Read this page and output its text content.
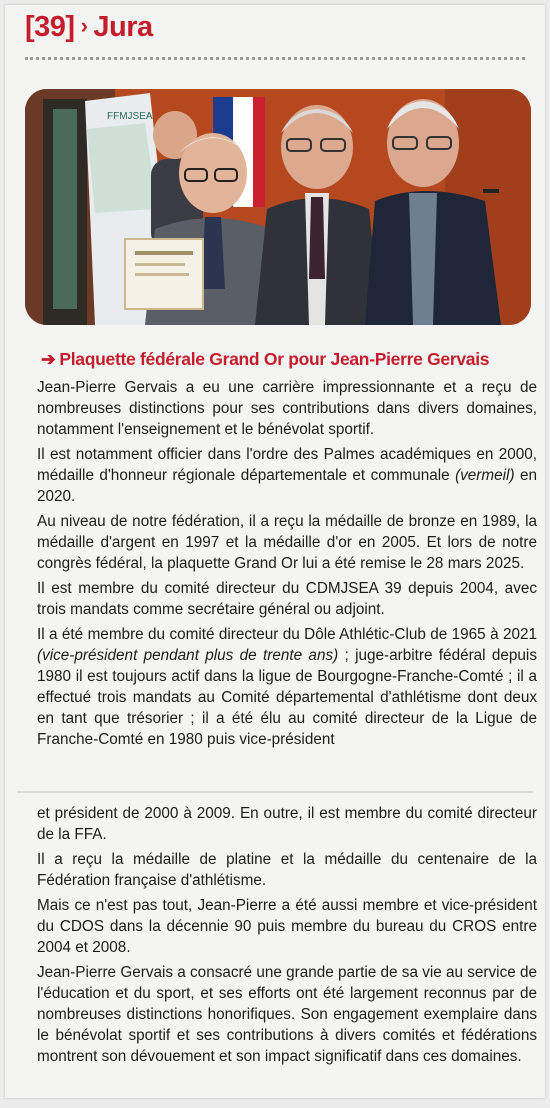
[39] › Jura
FFMJSEA
➔ Plaquette fédérale Grand Or pour Jean-Pierre Gervais

Jean-Pierre Gervais a eu une carrière impressionnante et a reçu de nombreuses distinctions pour ses contributions dans divers domaines, notamment l'enseignement et le bénévolat sportif.

Il est notamment officier dans l'ordre des Palmes académiques en 2000, médaille d'honneur régionale départementale et communale (vermeil) en 2020.

Au niveau de notre fédération, il a reçu la médaille de bronze en 1989, la médaille d'argent en 1997 et la médaille d'or en 2005. Et lors de notre congrès fédéral, la plaquette Grand Or lui a été remise le 28 mars 2025.

Il est membre du comité directeur du CDMJSEA 39 depuis 2004, avec trois mandats comme secrétaire général ou adjoint.

Il a été membre du comité directeur du Dôle Athlétic-Club de 1965 à 2021 (vice-président pendant plus de trente ans) ; juge-arbitre fédéral depuis 1980 il est toujours actif dans la ligue de Bourgogne-Franche-Comté ; il a effectué trois mandats au Comité départemental d'athlétisme dont deux en tant que trésorier ; il a été élu au comité directeur de la Ligue de Franche-Comté en 1980 puis vice-président

et président de 2000 à 2009. En outre, il est membre du comité directeur de la FFA.

Il a reçu la médaille de platine et la médaille du centenaire de la Fédération française d'athlétisme.

Mais ce n'est pas tout, Jean-Pierre a été aussi membre et vice-président du CDOS dans la décennie 90 puis membre du bureau du CROS entre 2004 et 2008.

Jean-Pierre Gervais a consacré une grande partie de sa vie au service de l'éducation et du sport, et ses efforts ont été largement reconnus par de nombreuses distinctions honorifiques. Son engagement exemplaire dans le bénévolat sportif et ses contributions à divers comités et fédérations montrent son dévouement et son impact significatif dans ces domaines.
